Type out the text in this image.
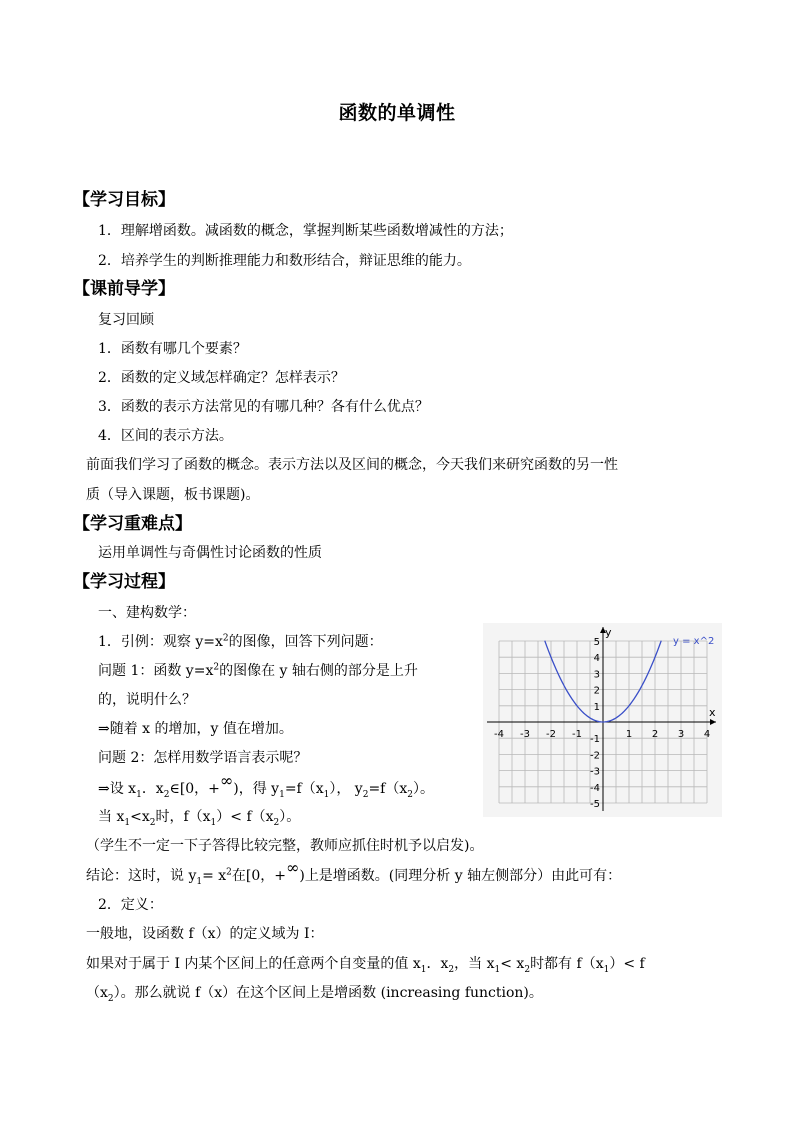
函数的单调性
【学习目标】
1．理解增函数。减函数的概念，掌握判断某些函数增减性的方法；
2．培养学生的判断推理能力和数形结合，辩证思维的能力。
【课前导学】
复习回顾
1．函数有哪几个要素？
2．函数的定义域怎样确定？怎样表示？
3．函数的表示方法常见的有哪几种？各有什么优点？
4．区间的表示方法。
前面我们学习了函数的概念。表示方法以及区间的概念，今天我们来研究函数的另一性
质（导入课题，板书课题)。
【学习重难点】
运用单调性与奇偶性讨论函数的性质
【学习过程】
一、建构数学：
1．引例：观察 $y=x^2$的图像，回答下列问题：
问题 1：函数 $y=x^2$的图像在 y 轴右侧的部分是上升
的，说明什么？
⇒随着 x 的增加，y 值在增加。
问题 2：怎样用数学语言表示呢？
⇒设 $x_1$．$x_2\in[0$，+∞)，得 $y_1=f(x_1)$， $y_2=f(x_2)$。
当 $x_1<x_2$时，$f(x_1)< f(x_2)$。
（学生不一定一下子答得比较完整，教师应抓住时机予以启发)。
结论：这时，说 $y_1= x^2$在[0，+∞)上是增函数。(同理分析 y 轴左侧部分）由此可有：
2．定义：
一般地，设函数 f（x）的定义域为 I：
如果对于属于 I 内某个区间上的任意两个自变量的值 $x_1$．$x_2$，当 $x_1< x_2$时都有 $f(x_1)< f$
$(x_2)$。那么就说 f（x）在这个区间上是增函数 (increasing function)。
-4 -3 -2 -1	1 2 3 4
5
4
3
2
1
-1
-2
-3
-4
-5
y = x^2
x
y
